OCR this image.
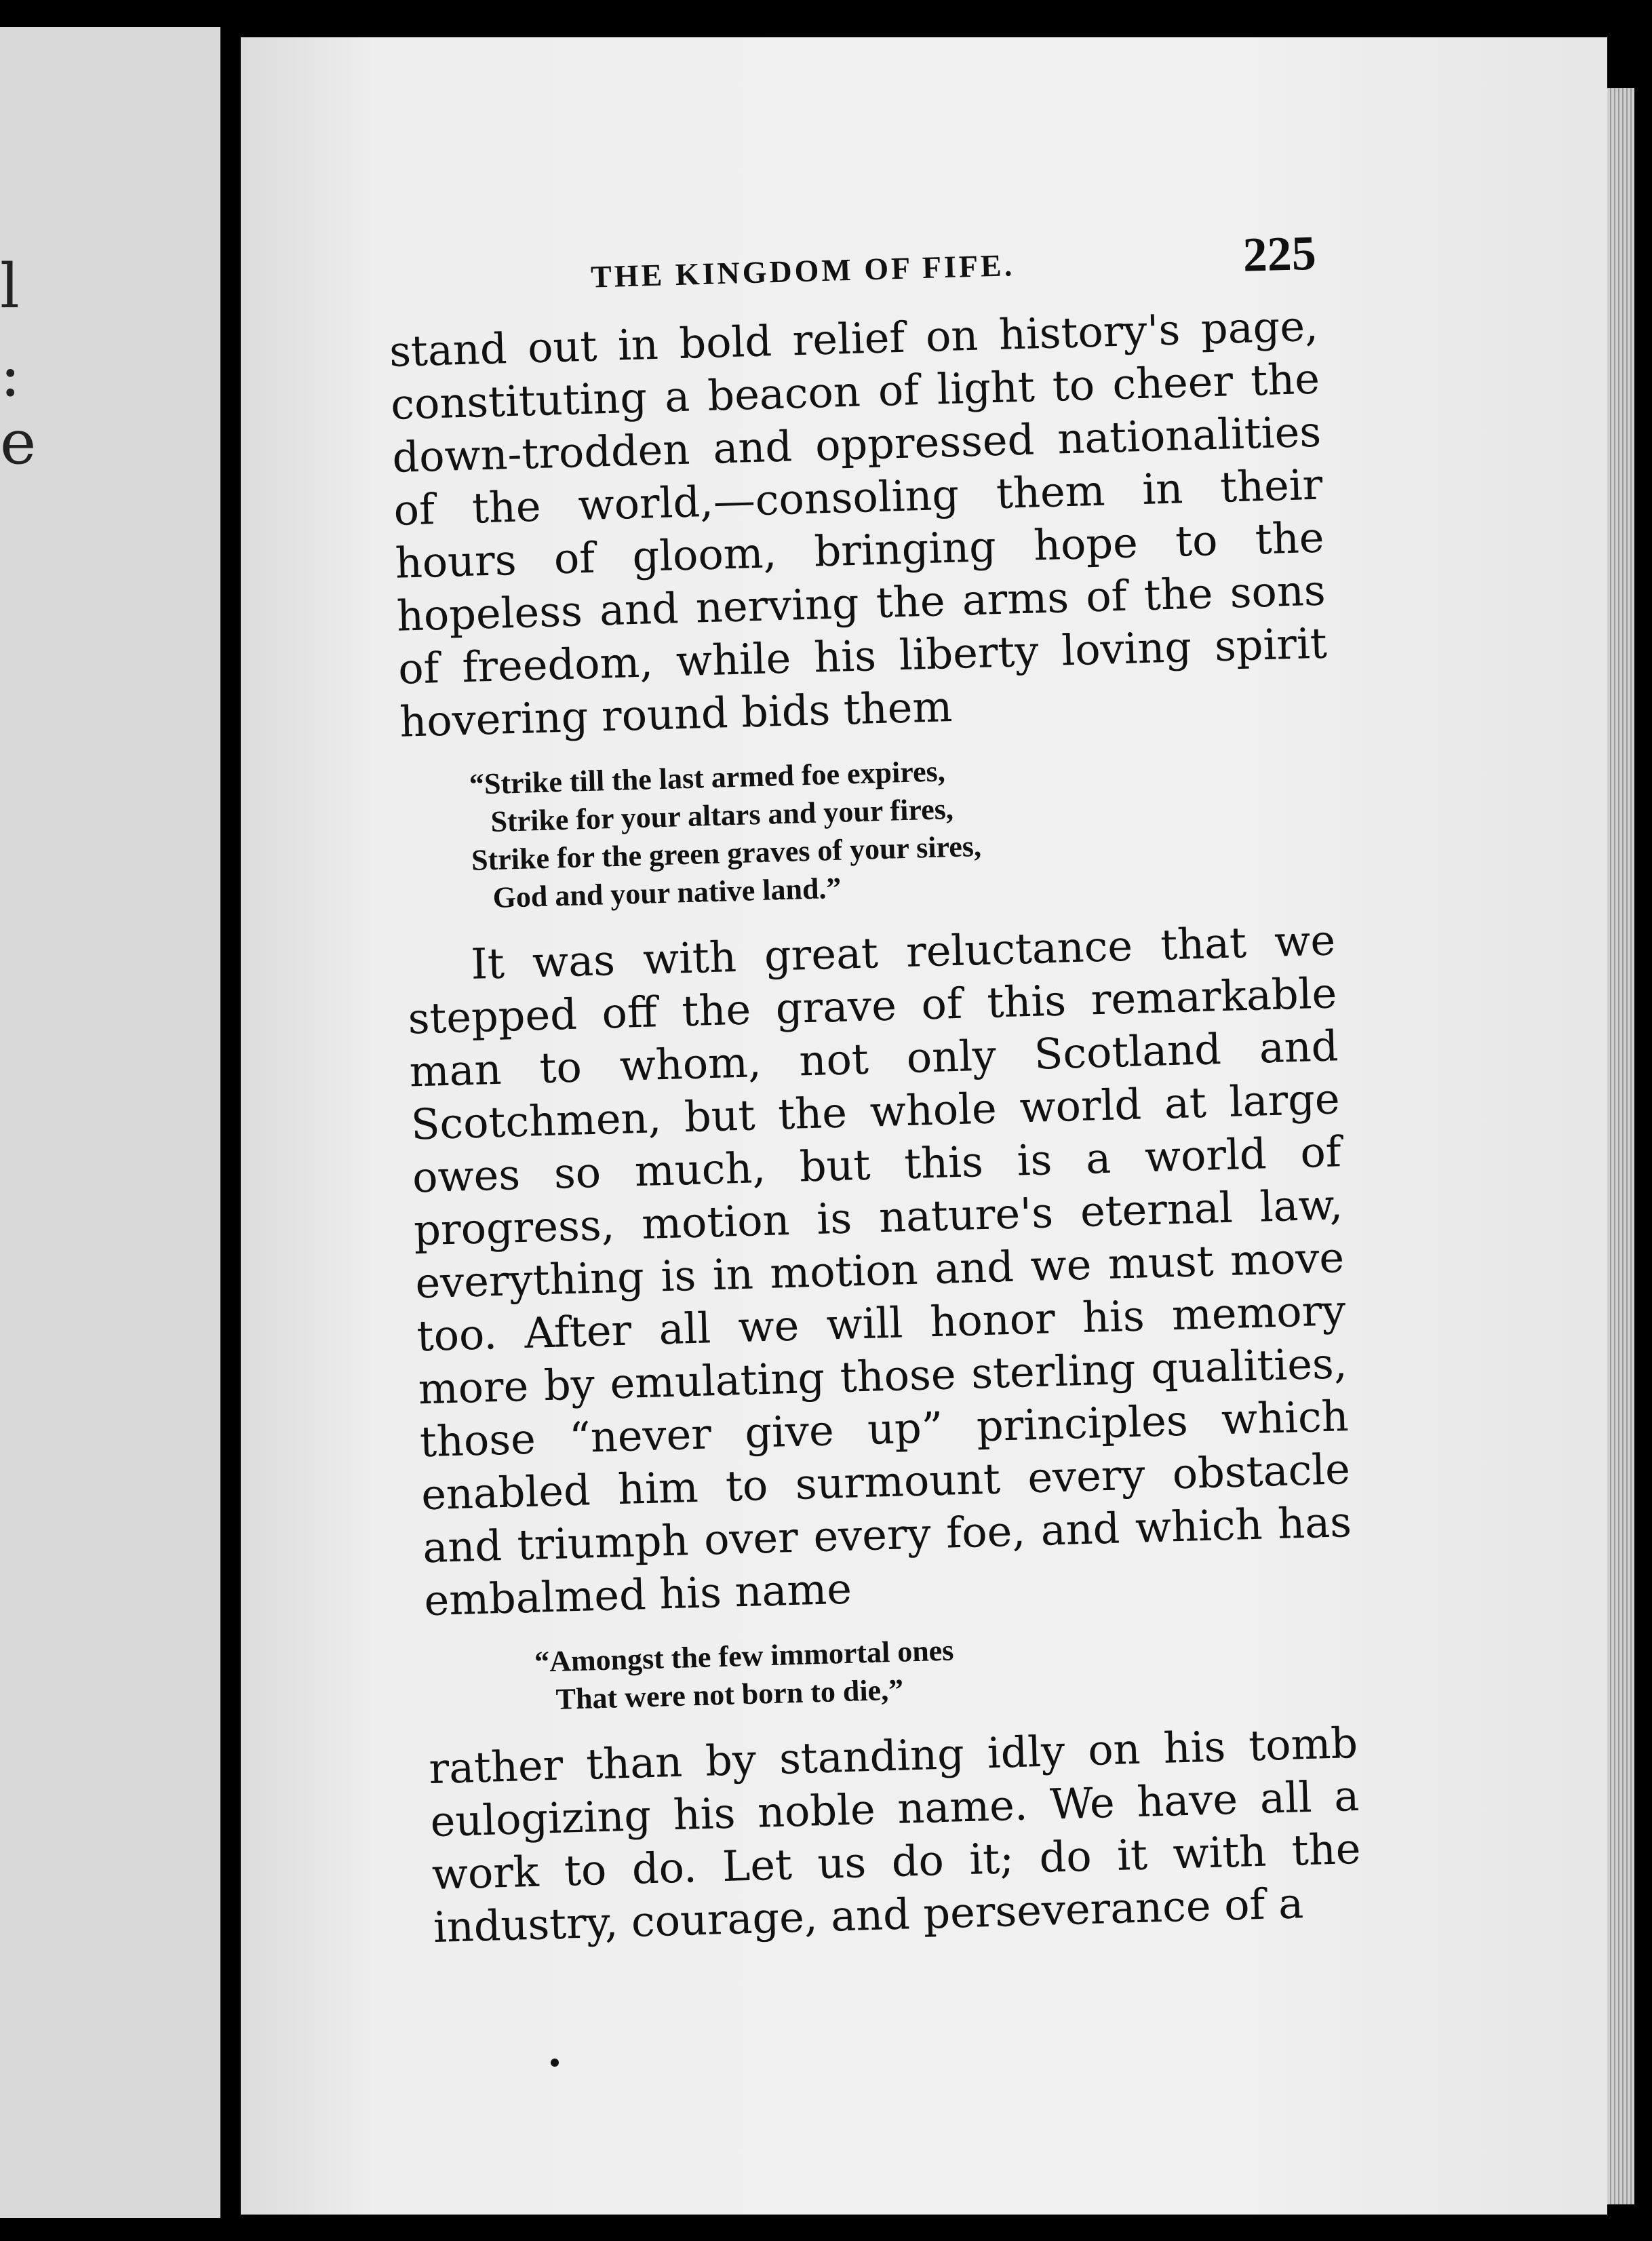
l
:
e
THE KINGDOM OF FIFE.	225

stand out in bold relief on history's page, constituting a beacon of light to cheer the down-trodden and oppressed nationalities of the world,—consoling them in their hours of gloom, bringing hope to the hopeless and nerving the arms of the sons of freedom, while his liberty loving spirit hovering round bids them

“Strike till the last armed foe expires,
Strike for your altars and your fires,
Strike for the green graves of your sires,
God and your native land.”

It was with great reluctance that we stepped off the grave of this remarkable man to whom, not only Scotland and Scotchmen, but the whole world at large owes so much, but this is a world of progress, motion is nature's eternal law, everything is in motion and we must move too. After all we will honor his memory more by emulating those sterling qualities, those “never give up” principles which enabled him to surmount every obstacle and triumph over every foe, and which has embalmed his name

“Amongst the few immortal ones
That were not born to die,”

rather than by standing idly on his tomb eulogizing his noble name. We have all a work to do. Let us do it; do it with the industry, courage, and perseverance of a
